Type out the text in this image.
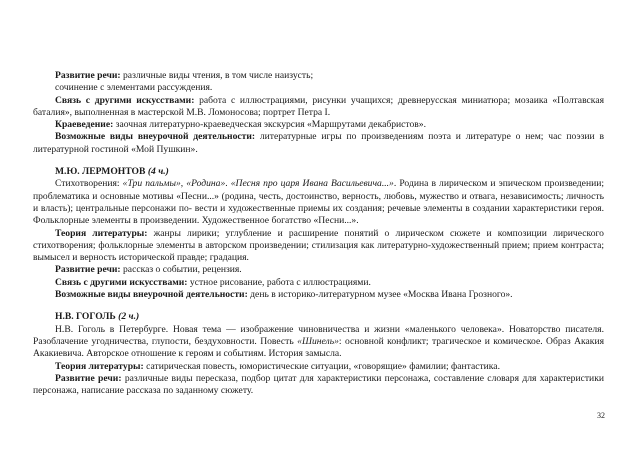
Развитие речи: различные виды чтения, в том числе наизусть;

сочинение с элементами рассуждения.

Связь с другими искусствами: работа с иллюстрациями, рисунки учащихся; древнерусская миниатюра; мозаика «Полтавская баталия», выполненная в мастерской М.В. Ломоносова; портрет Петра I.

Краеведение: заочная литературно-краеведческая экскурсия «Маршрутами декабристов».

Возможные виды внеурочной деятельности: литературные игры по произведениям поэта и литературе о нем; час поэзии в литературной гостиной «Мой Пушкин».

М.Ю. ЛЕРМОНТОВ (4 ч.)

Стихотворения: «Три пальмы», «Родина». «Песня про царя Ивана Васильевича...». Родина в лирическом и эпическом произведении; проблематика и основные мотивы «Песни...» (родина, честь, достоинство, верность, любовь, мужество и отвага, независимость; личность и власть); центральные персонажи по- вести и художественные приемы их создания; речевые элементы в создании характеристики героя. Фольклорные элементы в произведении. Художественное богатство «Песни...».

Теория литературы: жанры лирики; углубление и расширение понятий о лирическом сюжете и композиции лирического стихотворения; фольклорные элементы в авторском произведении; стилизация как литературно-художественный прием; прием контраста; вымысел и верность исторической правде; градация.

Развитие речи: рассказ о событии, рецензия.

Связь с другими искусствами: устное рисование, работа с иллюстрациями.

Возможные виды внеурочной деятельности: день в историко-литературном музее «Москва Ивана Грозного».

Н.В. ГОГОЛЬ (2 ч.)

Н.В. Гоголь в Петербурге. Новая тема — изображение чиновничества и жизни «маленького человека». Новаторство писателя. Разоблачение угодничества, глупости, бездуховности. Повесть «Шинель»: основной конфликт; трагическое и комическое. Образ Акакия Акакиевича. Авторское отношение к героям и событиям. История замысла.

Теория литературы: сатирическая повесть, юмористические ситуации, «говорящие» фамилии; фантастика.

Развитие речи: различные виды пересказа, подбор цитат для характеристики персонажа, составление словаря для характеристики персонажа, написание рассказа по заданному сюжету.

32
